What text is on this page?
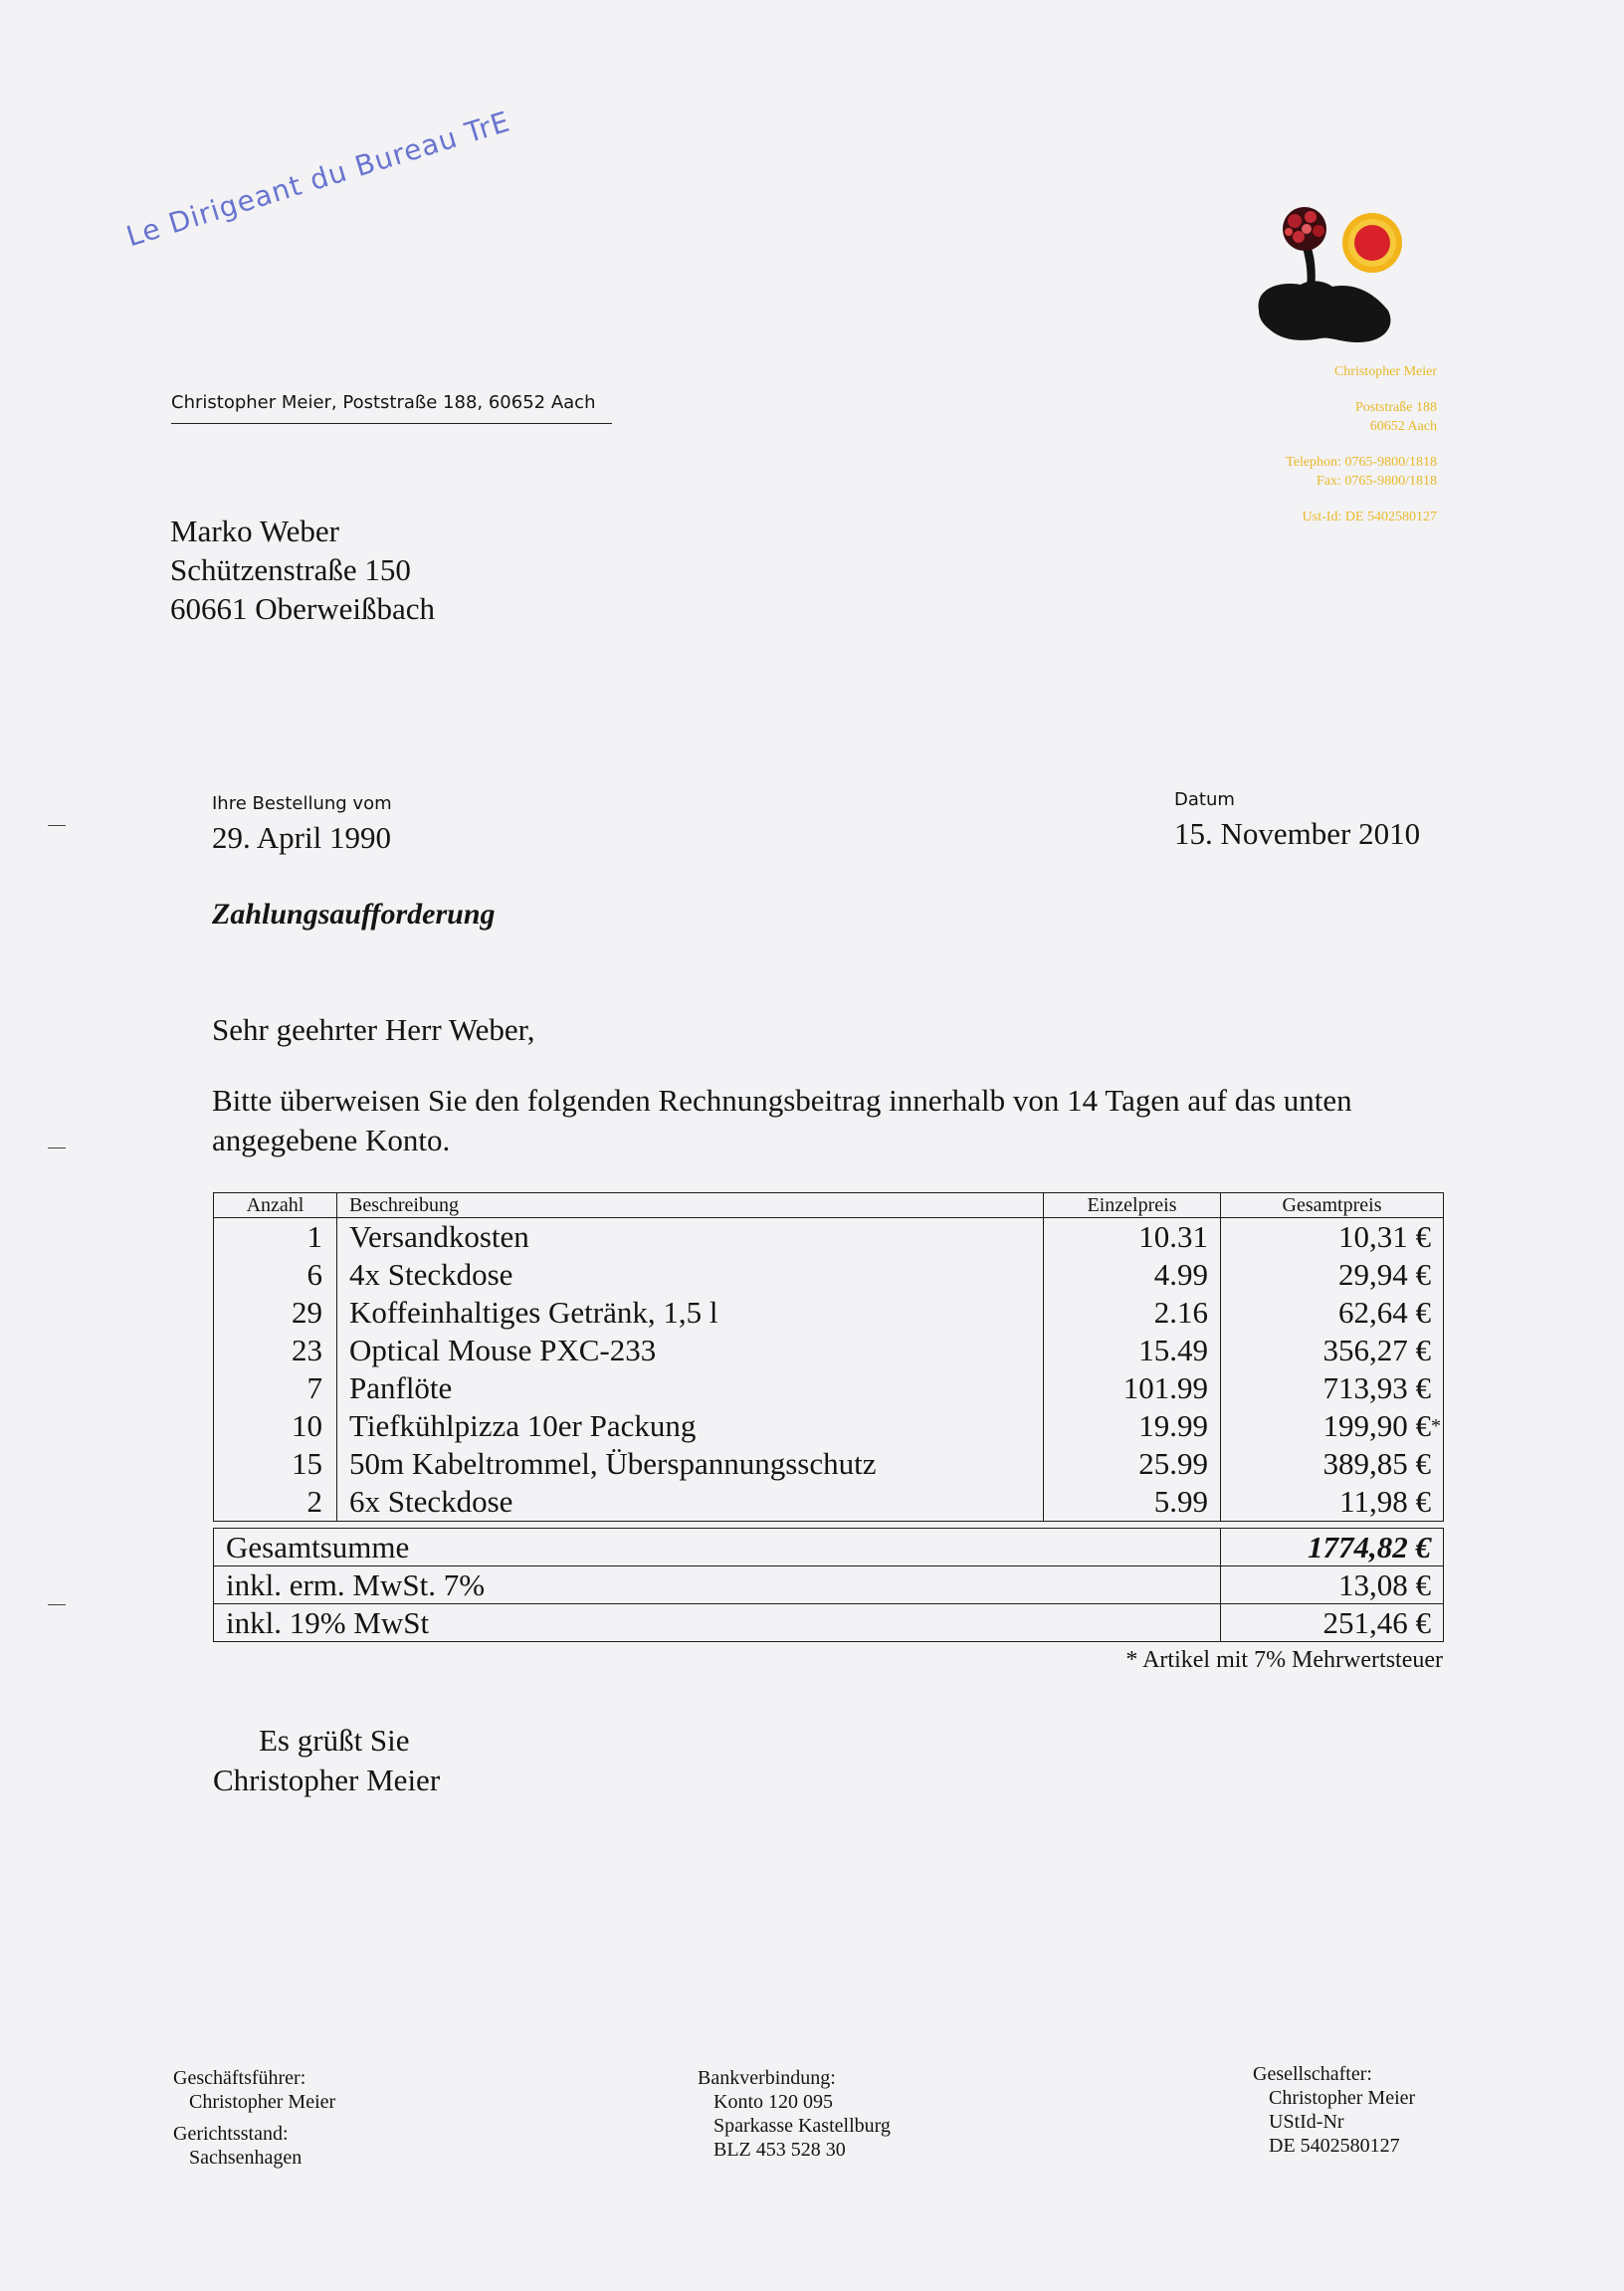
Le Dirigeant du Bureau TrE
Christopher Meier
Poststraße 188
60652 Aach
Telephon: 0765-9800/1818
Fax: 0765-9800/1818
Ust-Id: DE 5402580127
Christopher Meier, Poststraße 188, 60652 Aach
Marko Weber
Schützenstraße 150
60661 Oberweißbach
Ihre Bestellung vom
29. April 1990
Datum
15. November 2010
Zahlungsaufforderung
Sehr geehrter Herr Weber,
Bitte überweisen Sie den folgenden Rechnungsbeitrag innerhalb von 14 Tagen auf das unten angegebene Konto.
Anzahl	Beschreibung	Einzelpreis	Gesamtpreis
1	Versandkosten	10.31	10,31 €
6	4x Steckdose	4.99	29,94 €
29	Koffeinhaltiges Getränk, 1,5 l	2.16	62,64 €
23	Optical Mouse PXC-233	15.49	356,27 €
7	Panflöte	101.99	713,93 €
10	Tiefkühlpizza 10er Packung	19.99	199,90 €*
15	50m Kabeltrommel, Überspannungsschutz	25.99	389,85 €
2	6x Steckdose	5.99	11,98 €
Gesamtsumme	1774,82 €
inkl. erm. MwSt. 7%	13,08 €
inkl. 19% MwSt	251,46 €
* Artikel mit 7% Mehrwertsteuer
Es grüßt Sie
Christopher Meier
Geschäftsführer:
Christopher Meier
Gerichtsstand:
Sachsenhagen
Bankverbindung:
Konto 120 095
Sparkasse Kastellburg
BLZ 453 528 30
Gesellschafter:
Christopher Meier
UStId-Nr
DE 5402580127
